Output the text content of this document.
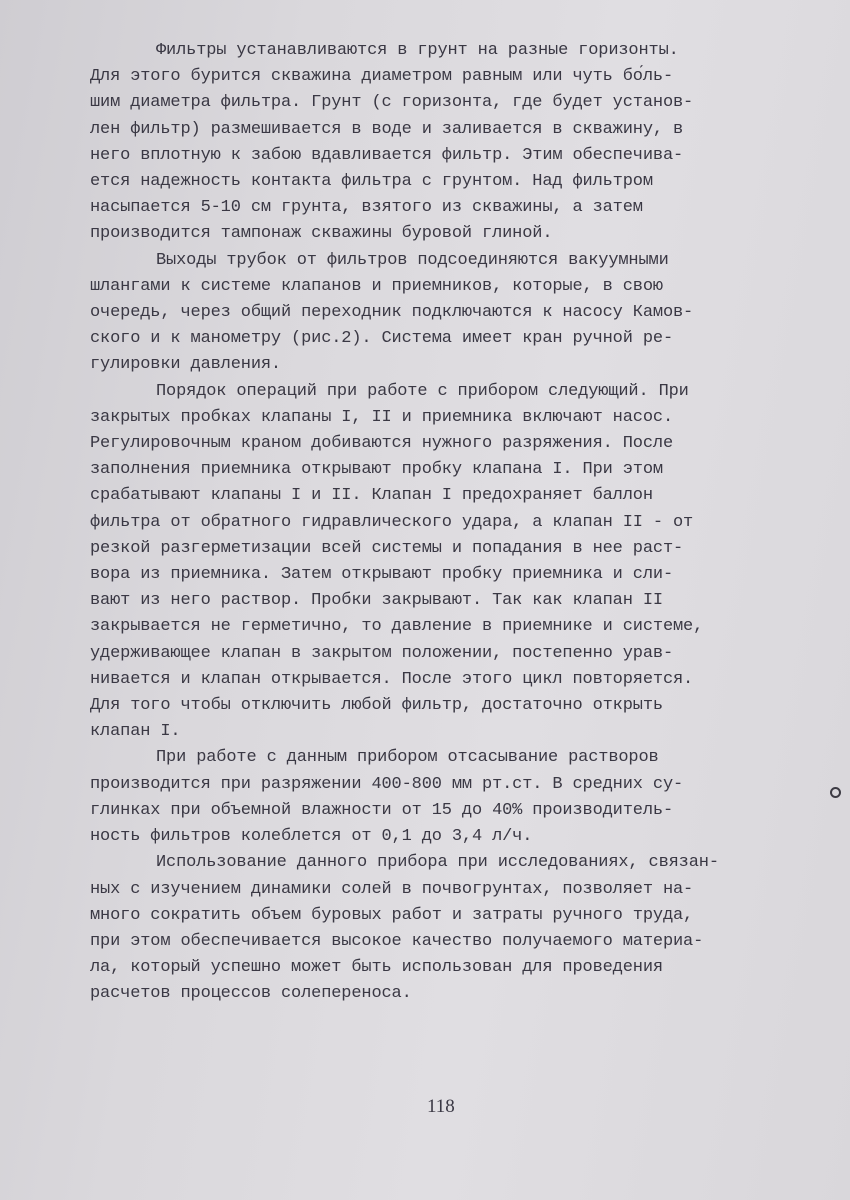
Фильтры устанавливаются в грунт на разные горизонты.
Для этого бурится скважина диаметром равным или чуть бо́ль-
шим диаметра фильтра. Грунт (с горизонта, где будет установ-
лен фильтр) размешивается в воде и заливается в скважину, в
него вплотную к забою вдавливается фильтр. Этим обеспечива-
ется надежность контакта фильтра с грунтом. Над фильтром
насыпается 5-10 см грунта, взятого из скважины, а затем
производится тампонаж скважины буровой глиной.
Выходы трубок от фильтров подсоединяются вакуумными
шлангами к системе клапанов и приемников, которые, в свою
очередь, через общий переходник подключаются к насосу Камов-
ского и к манометру (рис.2). Система имеет кран ручной ре-
гулировки давления.
Порядок операций при работе с прибором следующий. При
закрытых пробках клапаны I, II и приемника включают насос.
Регулировочным краном добиваются нужного разряжения. После
заполнения приемника открывают пробку клапана I. При этом
срабатывают клапаны I и II. Клапан I предохраняет баллон
фильтра от обратного гидравлического удара, а клапан II - от
резкой разгерметизации всей системы и попадания в нее раст-
вора из приемника. Затем открывают пробку приемника и сли-
вают из него раствор. Пробки закрывают. Так как клапан II
закрывается не герметично, то давление в приемнике и системе,
удерживающее клапан в закрытом положении, постепенно урав-
нивается и клапан открывается. После этого цикл повторяется.
Для того чтобы отключить любой фильтр, достаточно открыть
клапан I.
При работе с данным прибором отсасывание растворов
производится при разряжении 400-800 мм рт.ст. В средних су-
глинках при объемной влажности от 15 до 40% производитель-
ность фильтров колеблется от 0,1 до 3,4 л/ч.
Использование данного прибора при исследованиях, связан-
ных с изучением динамики солей в почвогрунтах, позволяет на-
много сократить объем буровых работ и затраты ручного труда,
при этом обеспечивается высокое качество получаемого материа-
ла, который успешно может быть использован для проведения
расчетов процессов солепереноса.
118
